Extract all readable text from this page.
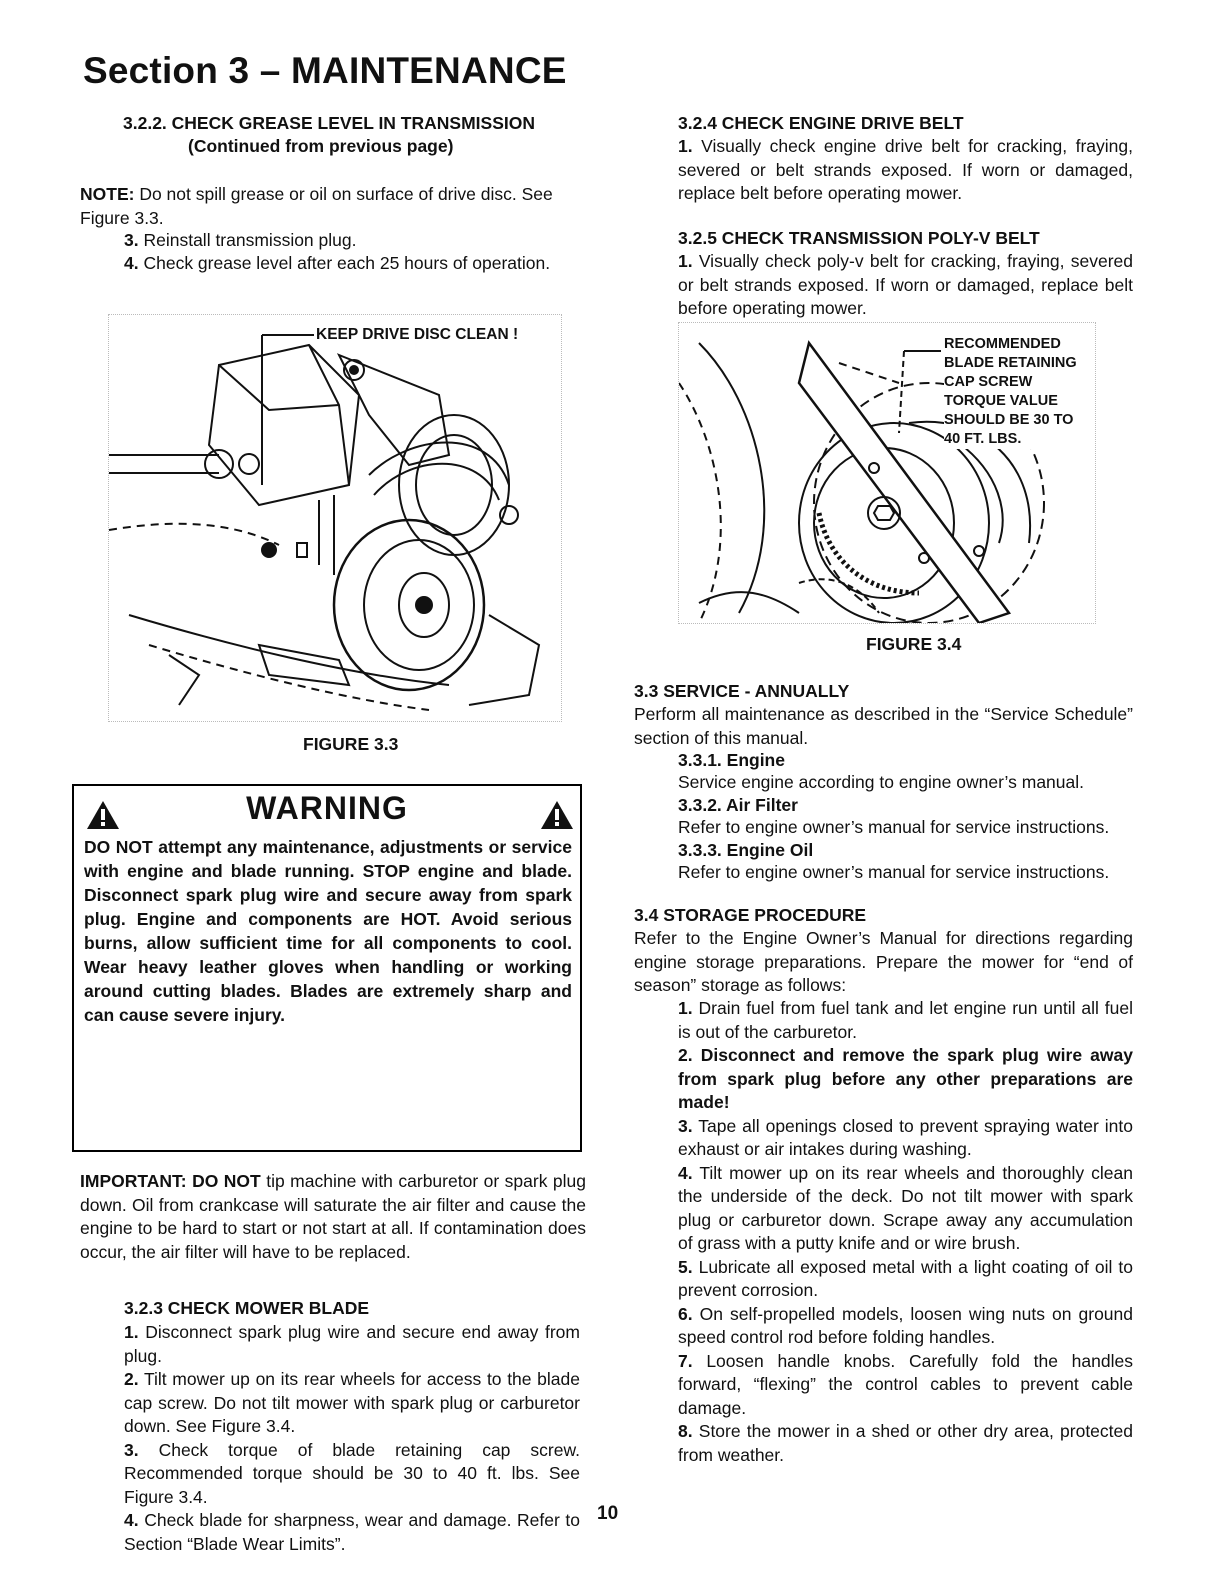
Section 3 – MAINTENANCE
3.2.2. CHECK GREASE LEVEL IN TRANSMISSION
(Continued from previous page)
NOTE: Do not spill grease or oil on surface of drive disc. See Figure 3.3.
3. Reinstall transmission plug.
4. Check grease level after each 25 hours of operation.
KEEP DRIVE DISC CLEAN !
FIGURE 3.3
WARNING
DO NOT attempt any maintenance, adjustments or service with engine and blade running. STOP engine and blade. Disconnect spark plug wire and secure away from spark plug. Engine and components are HOT. Avoid serious burns, allow sufficient time for all components to cool. Wear heavy leather gloves when handling or working around cutting blades. Blades are extremely sharp and can cause severe injury.
IMPORTANT: DO NOT tip machine with carburetor or spark plug down. Oil from crankcase will saturate the air filter and cause the engine to be hard to start or not start at all. If contamination does occur, the air filter will have to be replaced.
3.2.3 CHECK MOWER BLADE
1. Disconnect spark plug wire and secure end away from plug.
2. Tilt mower up on its rear wheels for access to the blade cap screw. Do not tilt mower with spark plug or carburetor down. See Figure 3.4.
3. Check torque of blade retaining cap screw. Recommended torque should be 30 to 40 ft. lbs. See Figure 3.4.
4. Check blade for sharpness, wear and damage. Refer to Section “Blade Wear Limits”.
3.2.4 CHECK ENGINE DRIVE BELT
1. Visually check engine drive belt for cracking, fraying, severed or belt strands exposed. If worn or damaged, replace belt before operating mower.
3.2.5 CHECK TRANSMISSION POLY-V BELT
1. Visually check poly-v belt for cracking, fraying, severed or belt strands exposed. If worn or damaged, replace belt before operating mower.
RECOMMENDED
BLADE RETAINING
CAP SCREW
TORQUE VALUE
SHOULD BE 30 TO
40 FT. LBS.
FIGURE 3.4
3.3 SERVICE - ANNUALLY
Perform all maintenance as described in the “Service Schedule” section of this manual.
3.3.1. Engine
Service engine according to engine owner’s manual.
3.3.2. Air Filter
Refer to engine owner’s manual for service instructions.
3.3.3. Engine Oil
Refer to engine owner’s manual for service instructions.
3.4 STORAGE PROCEDURE
Refer to the Engine Owner’s Manual for directions regarding engine storage preparations. Prepare the mower for “end of season” storage as follows:
1. Drain fuel from fuel tank and let engine run until all fuel is out of the carburetor.
2. Disconnect and remove the spark plug wire away from spark plug before any other preparations are made!
3. Tape all openings closed to prevent spraying water into exhaust or air intakes during washing.
4. Tilt mower up on its rear wheels and thoroughly clean the underside of the deck. Do not tilt mower with spark plug or carburetor down. Scrape away any accumulation of grass with a putty knife and or wire brush.
5. Lubricate all exposed metal with a light coating of oil to prevent corrosion.
6. On self-propelled models, loosen wing nuts on ground speed control rod before folding handles.
7. Loosen handle knobs. Carefully fold the handles forward, “flexing” the control cables to prevent cable damage.
8. Store the mower in a shed or other dry area, protected from weather.
10
